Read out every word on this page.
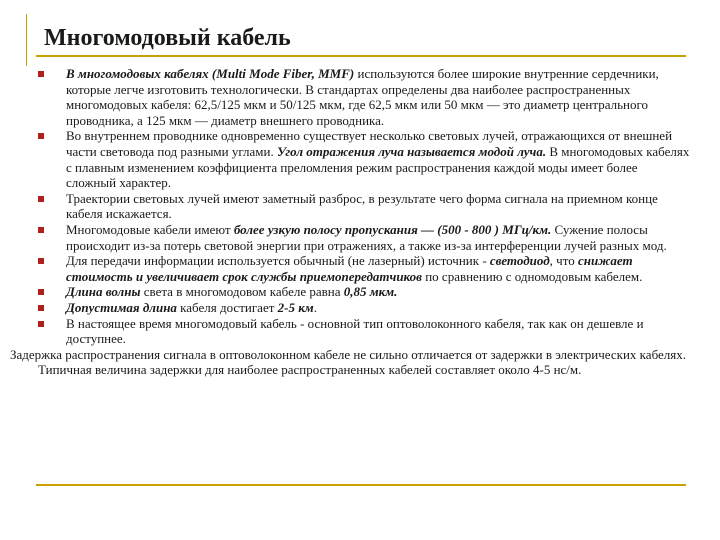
Многомодовый кабель
В многомодовых кабелях (Multi Mode Fiber, MMF) используются более широкие внутренние сердечники, которые легче изготовить технологически. В стандартах определены два наиболее распространенных многомодовых кабеля: 62,5/125 мкм и 50/125 мкм, где 62,5 мкм или 50 мкм — это диаметр центрального проводника, а 125 мкм — диаметр внешнего проводника.
Во внутреннем проводнике одновременно существует несколько световых лучей, отражающихся от внешней части световода под разными углами. Угол отражения луча называется модой луча. В многомодовых кабелях с плавным изменением коэффициента преломления режим распространения каждой моды имеет более сложный характер.
Траектории световых лучей имеют заметный разброс, в результате чего форма сигнала на приемном конце кабеля искажается.
Многомодовые кабели имеют более узкую полосу пропускания — (500 - 800 ) МГц/км. Сужение полосы происходит из-за потерь световой энергии при отражениях, а также из-за интерференции лучей разных мод.
Для передачи информации используется обычный (не лазерный) источник - светодиод, что снижает стоимость и увеличивает срок службы приемопередатчиков по сравнению с одномодовым кабелем.
Длина волны света в многомодовом кабеле равна 0,85 мкм.
Допустимая длина кабеля достигает 2-5 км.
В настоящее время многомодовый кабель - основной тип оптоволоконного кабеля, так как он дешевле и доступнее.
Задержка распространения сигнала в оптоволоконном кабеле не сильно отличается от задержки в электрических кабелях. Типичная величина задержки для наиболее распространенных кабелей составляет около 4-5 нс/м.
